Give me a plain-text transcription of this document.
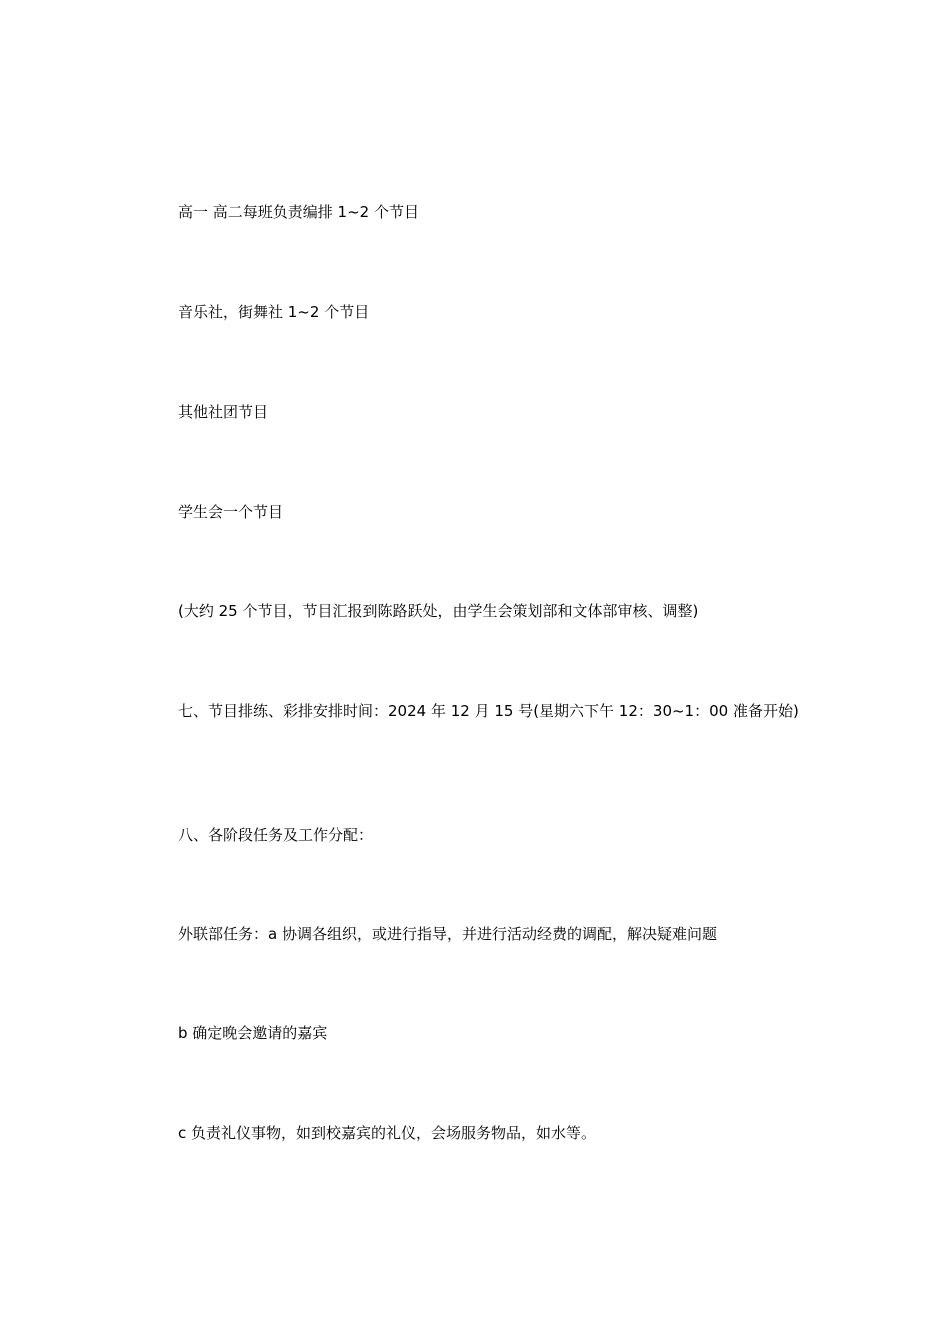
高一 高二每班负责编排 1~2 个节目

音乐社，街舞社 1~2 个节目

其他社团节目

学生会一个节目

(大约 25 个节目，节目汇报到陈路跃处，由学生会策划部和文体部审核、调整)

七、节目排练、彩排安排时间：2024 年 12 月 15 号(星期六下午 12：30~1：00 准备开始)

八、各阶段任务及工作分配：

外联部任务：a 协调各组织，或进行指导，并进行活动经费的调配，解决疑难问题

b 确定晚会邀请的嘉宾

c 负责礼仪事物，如到校嘉宾的礼仪，会场服务物品，如水等。
